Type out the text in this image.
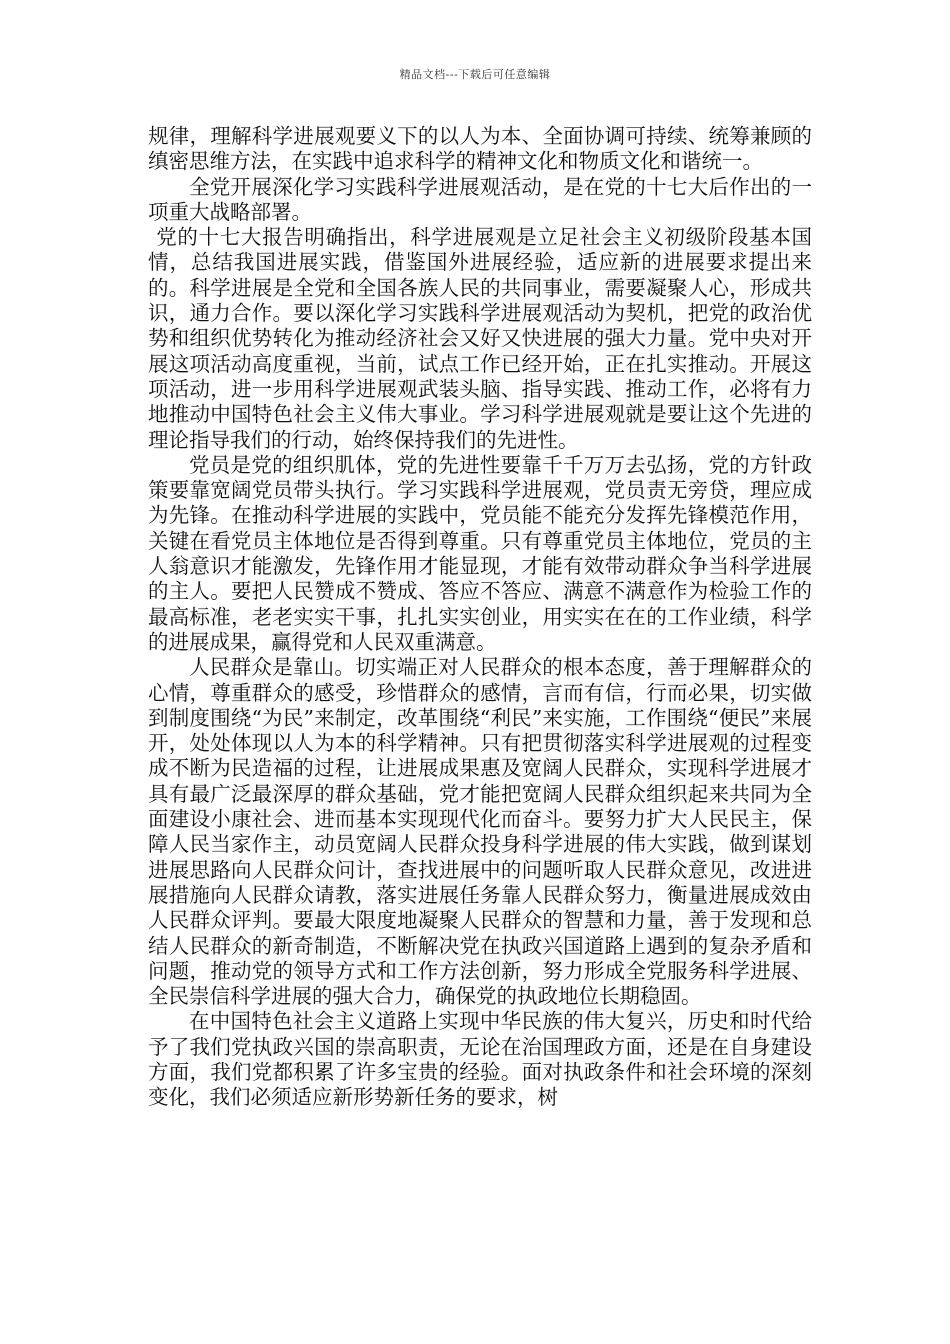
精品文档---下载后可任意编辑

规律，理解科学进展观要义下的以人为本、全面协调可持续、统筹兼顾的缜密思维方法，在实践中追求科学的精神文化和物质文化和谐统一。

全党开展深化学习实践科学进展观活动，是在党的十七大后作出的一项重大战略部署。

党的十七大报告明确指出，科学进展观是立足社会主义初级阶段基本国情，总结我国进展实践，借鉴国外进展经验，适应新的进展要求提出来的。科学进展是全党和全国各族人民的共同事业，需要凝聚人心，形成共识，通力合作。要以深化学习实践科学进展观活动为契机，把党的政治优势和组织优势转化为推动经济社会又好又快进展的强大力量。党中央对开展这项活动高度重视，当前，试点工作已经开始，正在扎实推动。开展这项活动，进一步用科学进展观武装头脑、指导实践、推动工作，必将有力地推动中国特色社会主义伟大事业。学习科学进展观就是要让这个先进的理论指导我们的行动，始终保持我们的先进性。

党员是党的组织肌体，党的先进性要靠千千万万去弘扬，党的方针政策要靠宽阔党员带头执行。学习实践科学进展观，党员责无旁贷，理应成为先锋。在推动科学进展的实践中，党员能不能充分发挥先锋模范作用，关键在看党员主体地位是否得到尊重。只有尊重党员主体地位，党员的主人翁意识才能激发，先锋作用才能显现，才能有效带动群众争当科学进展的主人。要把人民赞成不赞成、答应不答应、满意不满意作为检验工作的最高标准，老老实实干事，扎扎实实创业，用实实在在的工作业绩，科学的进展成果，赢得党和人民双重满意。

人民群众是靠山。切实端正对人民群众的根本态度，善于理解群众的心情，尊重群众的感受，珍惜群众的感情，言而有信，行而必果，切实做到制度围绕“为民”来制定，改革围绕“利民”来实施，工作围绕“便民”来展开，处处体现以人为本的科学精神。只有把贯彻落实科学进展观的过程变成不断为民造福的过程，让进展成果惠及宽阔人民群众，实现科学进展才具有最广泛最深厚的群众基础，党才能把宽阔人民群众组织起来共同为全面建设小康社会、进而基本实现现代化而奋斗。要努力扩大人民民主，保障人民当家作主，动员宽阔人民群众投身科学进展的伟大实践，做到谋划进展思路向人民群众问计，查找进展中的问题听取人民群众意见，改进进展措施向人民群众请教，落实进展任务靠人民群众努力，衡量进展成效由人民群众评判。要最大限度地凝聚人民群众的智慧和力量，善于发现和总结人民群众的新奇制造，不断解决党在执政兴国道路上遇到的复杂矛盾和问题，推动党的领导方式和工作方法创新，努力形成全党服务科学进展、全民崇信科学进展的强大合力，确保党的执政地位长期稳固。

在中国特色社会主义道路上实现中华民族的伟大复兴，历史和时代给予了我们党执政兴国的崇高职责，无论在治国理政方面，还是在自身建设方面，我们党都积累了许多宝贵的经验。面对执政条件和社会环境的深刻变化，我们必须适应新形势新任务的要求，树
